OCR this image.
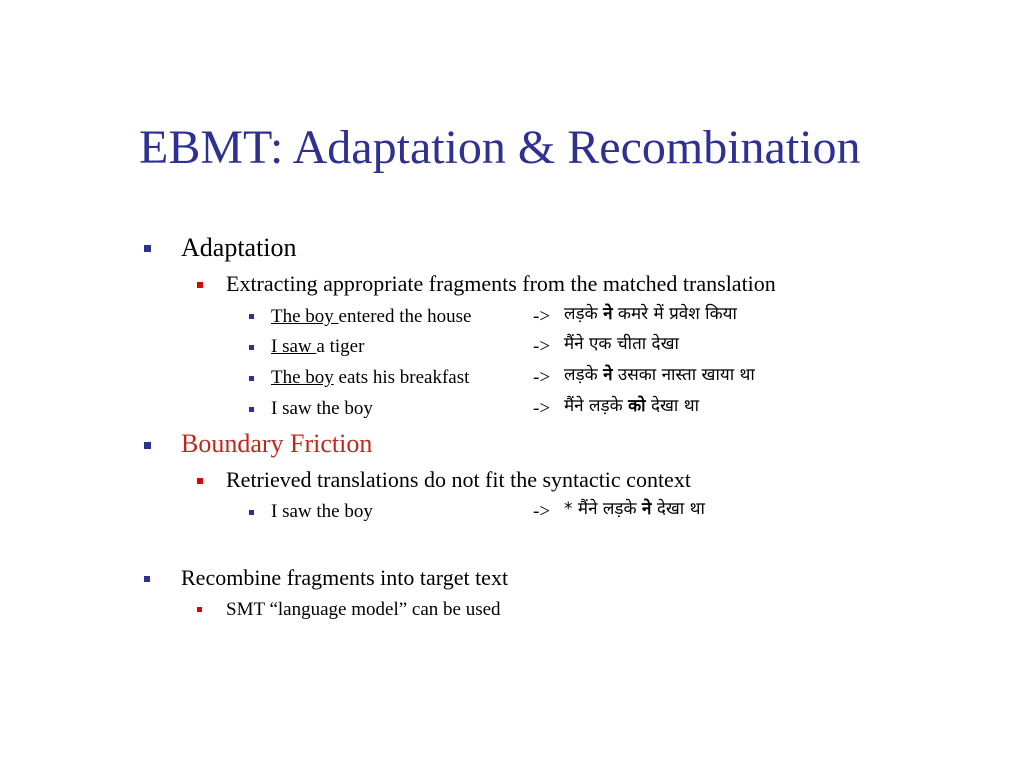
EBMT: Adaptation & Recombination
Adaptation
Extracting appropriate fragments from the matched translation
The boy entered the house	-> लड़के ने कमरे में प्रवेश किया
I saw a tiger	-> मैंने एक चीता देखा
The boy eats his breakfast	-> लड़के ने उसका नास्ता खाया था
I saw the boy	-> मैंने लड़के को देखा था
Boundary Friction
Retrieved translations do not fit the syntactic context
I saw the boy	-> * मैंने लड़के ने देखा था
Recombine fragments into target text
SMT “language model” can be used
